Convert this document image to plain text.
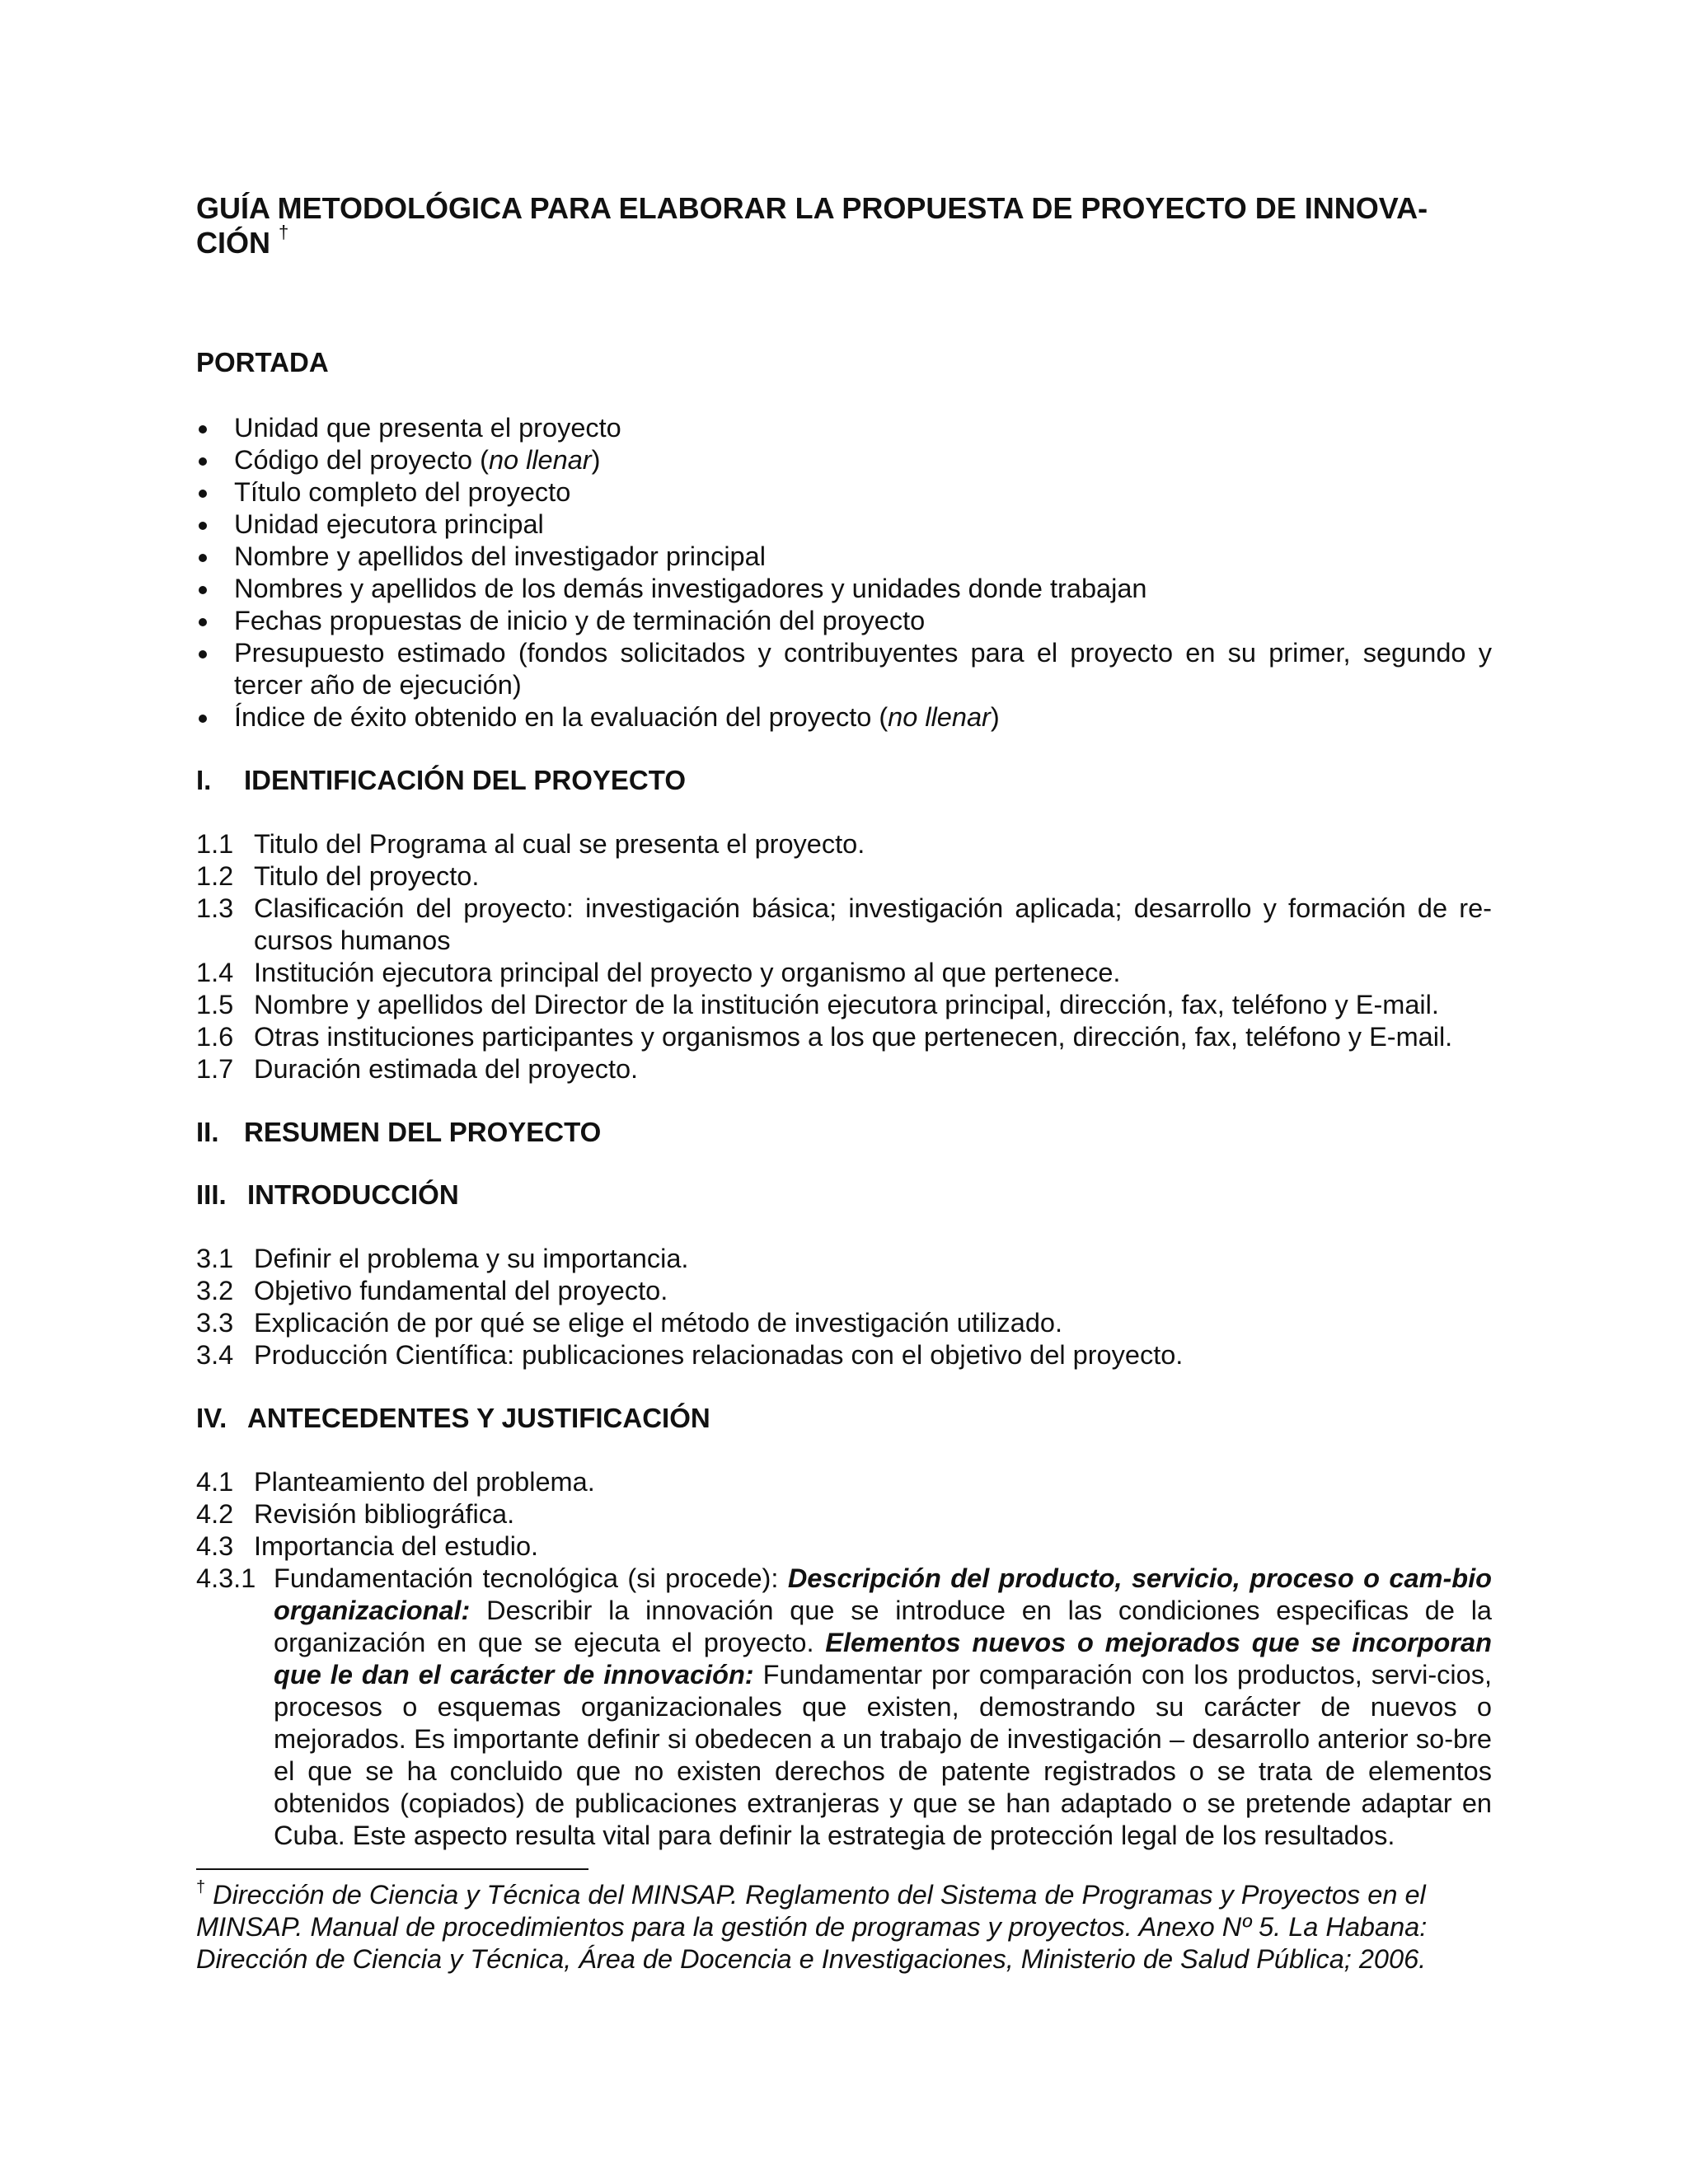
GUÍA METODOLÓGICA PARA ELABORAR LA PROPUESTA DE PROYECTO DE INNOVA-CIÓN †
PORTADA
Unidad que presenta el proyecto
Código del proyecto (no llenar)
Título completo del proyecto
Unidad ejecutora principal
Nombre y apellidos del investigador principal
Nombres y apellidos de los demás investigadores y unidades donde trabajan
Fechas propuestas de inicio y de terminación del proyecto
Presupuesto estimado (fondos solicitados y contribuyentes para el proyecto en su primer, segundo y tercer año de ejecución)
Índice de éxito obtenido en la evaluación del proyecto (no llenar)
I. IDENTIFICACIÓN DEL PROYECTO
1.1 Titulo del Programa al cual se presenta el proyecto.
1.2 Titulo del proyecto.
1.3 Clasificación del proyecto: investigación básica; investigación aplicada; desarrollo y formación de re-cursos humanos
1.4 Institución ejecutora principal del proyecto y organismo al que pertenece.
1.5 Nombre y apellidos del Director de la institución ejecutora principal, dirección, fax, teléfono y E-mail.
1.6 Otras instituciones participantes y organismos a los que pertenecen, dirección, fax, teléfono y E-mail.
1.7 Duración estimada del proyecto.
II. RESUMEN DEL PROYECTO
III. INTRODUCCIÓN
3.1 Definir el problema y su importancia.
3.2 Objetivo fundamental del proyecto.
3.3 Explicación de por qué se elige el método de investigación utilizado.
3.4 Producción Científica: publicaciones relacionadas con el objetivo del proyecto.
IV. ANTECEDENTES Y JUSTIFICACIÓN
4.1 Planteamiento del problema.
4.2 Revisión bibliográfica.
4.3 Importancia del estudio.
4.3.1 Fundamentación tecnológica (si procede): Descripción del producto, servicio, proceso o cam-bio organizacional: Describir la innovación que se introduce en las condiciones especificas de la organización en que se ejecuta el proyecto. Elementos nuevos o mejorados que se incorporan que le dan el carácter de innovación: Fundamentar por comparación con los productos, servi-cios, procesos o esquemas organizacionales que existen, demostrando su carácter de nuevos o mejorados. Es importante definir si obedecen a un trabajo de investigación – desarrollo anterior so-bre el que se ha concluido que no existen derechos de patente registrados o se trata de elementos obtenidos (copiados) de publicaciones extranjeras y que se han adaptado o se pretende adaptar en Cuba. Este aspecto resulta vital para definir la estrategia de protección legal de los resultados.
† Dirección de Ciencia y Técnica del MINSAP. Reglamento del Sistema de Programas y Proyectos en el MINSAP. Manual de procedimientos para la gestión de programas y proyectos. Anexo Nº 5. La Habana: Dirección de Ciencia y Técnica, Área de Docencia e Investigaciones, Ministerio de Salud Pública; 2006.
